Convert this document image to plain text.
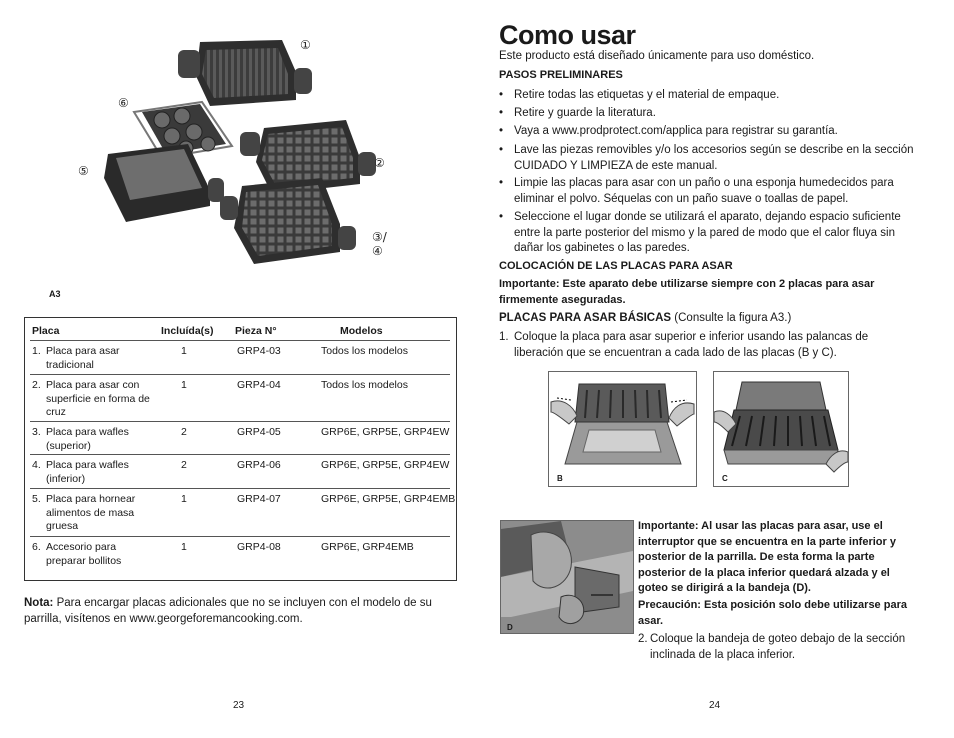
①
②
③/④
⑤
⑥
A3
Placa	Incluída(s) Pieza N°	Modelos
1. Placa para asar tradicional
1	GRP4-03	Todos los modelos
2. Placa para asar con superficie en forma de cruz
1	GRP4-04	Todos los modelos
3. Placa para wafles (superior)
2	GRP4-05	GRP6E, GRP5E, GRP4EW
4. Placa para wafles (inferior)
2	GRP4-06	GRP6E, GRP5E, GRP4EW
5. Placa para hornear alimentos de masa gruesa
1	GRP4-07	GRP6E, GRP5E, GRP4EMB
6. Accesorio para preparar bollitos
1	GRP4-08	GRP6E, GRP4EMB
Nota: Para encargar placas adicionales que no se incluyen con el modelo de su parrilla, visítenos en www.georgeforemancooking.com.
23
Como usar
Este producto está diseñado únicamente para uso doméstico.
PASOS PRELIMINARES
• Retire todas las etiquetas y el material de empaque.
• Retire y guarde la literatura.
• Vaya a www.prodprotect.com/applica para registrar su garantía.
• Lave las piezas removibles y/o los accesorios según se describe en la sección CUIDADO Y LIMPIEZA de este manual.
• Limpie las placas para asar con un paño o una esponja humedecidos para eliminar el polvo. Séquelas con un paño suave o toallas de papel.
• Seleccione el lugar donde se utilizará el aparato, dejando espacio suficiente entre la parte posterior del mismo y la pared de modo que el calor fluya sin dañar los gabinetes o las paredes.
COLOCACIÓN DE LAS PLACAS PARA ASAR
Importante: Este aparato debe utilizarse siempre con 2 placas para asar firmemente aseguradas.
PLACAS PARA ASAR BÁSICAS (Consulte la figura A3.)
1. Coloque la placa para asar superior e inferior usando las palancas de liberación que se encuentran a cada lado de las placas (B y C).
B	C
D
Importante: Al usar las placas para asar, use el interruptor que se encuentra en la parte inferior y posterior de la parrilla. De esta forma la parte posterior de la placa inferior quedará alzada y el goteo se dirigirá a la bandeja (D).
Precaución: Esta posición solo debe utilizarse para asar.
2. Coloque la bandeja de goteo debajo de la sección inclinada de la placa inferior.
24
